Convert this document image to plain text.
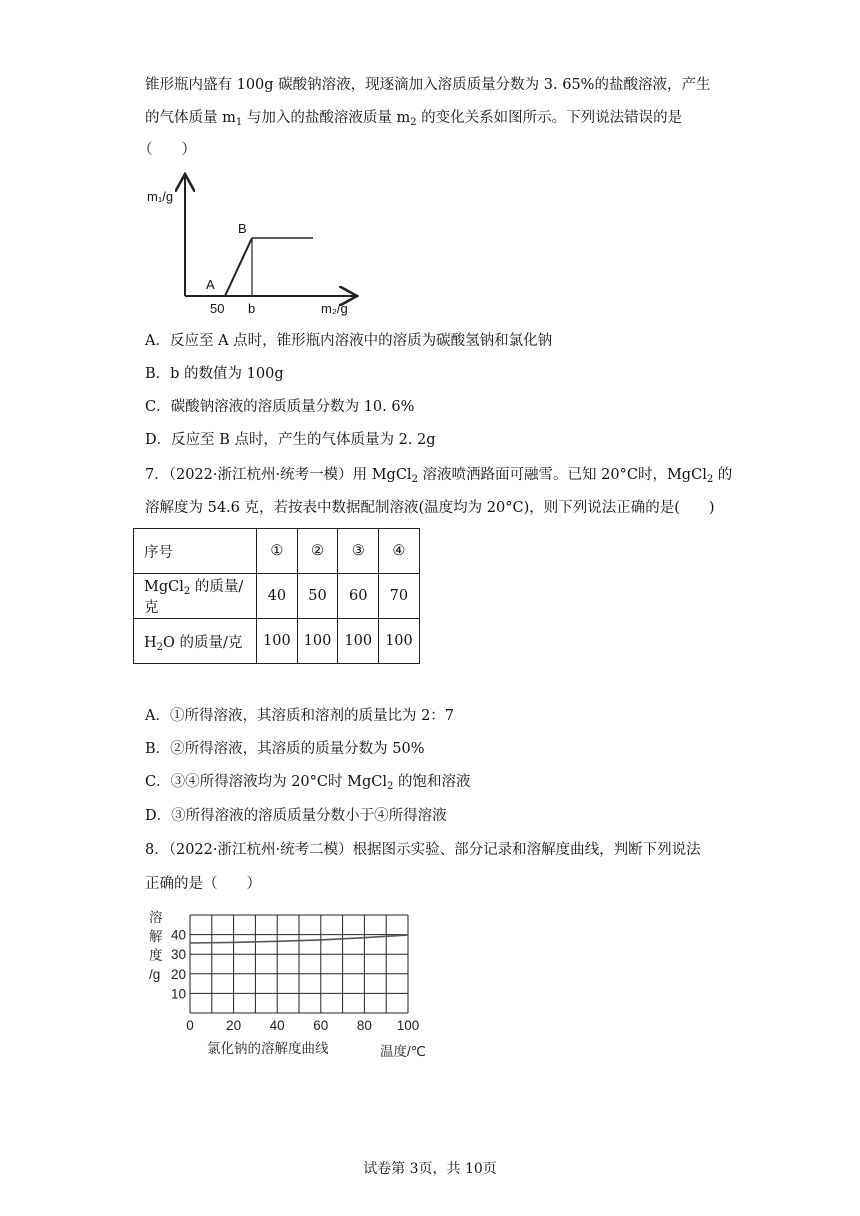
锥形瓶内盛有 100g 碳酸钠溶液，现逐滴加入溶质质量分数为 3. 65%的盐酸溶液，产生
的气体质量 $m_1$ 与加入的盐酸溶液质量 $m_2$ 的变化关系如图所示。下列说法错误的是
（　　）
m₁/g
m₂/g
A
B
50 b
A．反应至 A 点时，锥形瓶内溶液中的溶质为碳酸氢钠和氯化钠
B．b 的数值为 100g
C．碳酸钠溶液的溶质质量分数为 10. 6%
D．反应至 B 点时，产生的气体质量为 2. 2g
7．（2022·浙江杭州·统考一模）用 MgCl$_2$ 溶液喷洒路面可融雪。已知 20°C时，MgCl$_2$ 的
溶解度为 54.6 克，若按表中数据配制溶液(温度均为 20°C)，则下列说法正确的是(　　)
序号	①	②	③	④
MgCl$_2$ 的质量/克	40	50	60	70
$H_2O$ 的质量/克	100	100	100	100
A．①所得溶液，其溶质和溶剂的质量比为 2：7
B．②所得溶液，其溶质的质量分数为 50%
C．③④所得溶液均为 20°C时 MgCl$_2$ 的饱和溶液
D．③所得溶液的溶质质量分数小于④所得溶液
8．（2022·浙江杭州·统考二模）根据图示实验、部分记录和溶解度曲线，判断下列说法
正确的是（　　）
溶
解
度
/g
10
20
30
40
0 20 40 60 80 100
氯化钠的溶解度曲线	温度/℃
试卷第 3页，共 10页
